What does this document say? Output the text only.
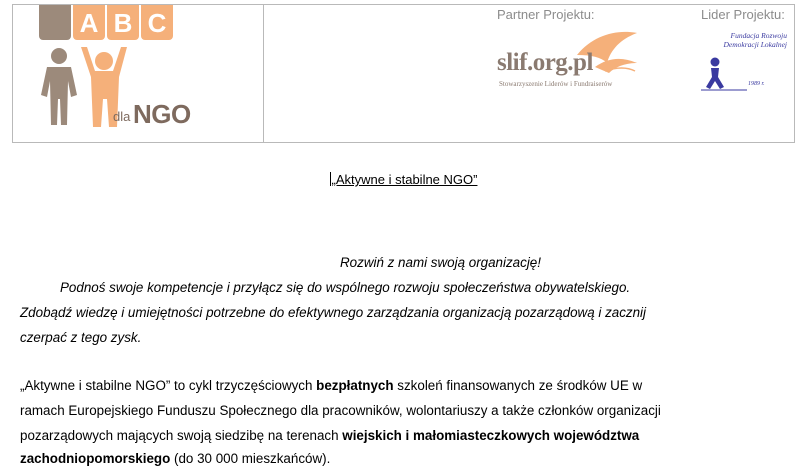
A B C
dla NGO
Partner Projektu:
slif.org.pl
Stowarzyszenie Liderów i Fundraiserów
Lider Projektu:
Fundacja Rozwoju
Demokracji Lokalnej
1989 r.
„Aktywne i stabilne NGO”
Rozwiń z nami swoją organizację!
Podnoś swoje kompetencje i przyłącz się do wspólnego rozwoju społeczeństwa obywatelskiego.
Zdobądź wiedzę i umiejętności potrzebne do efektywnego zarządzania organizacją pozarządową i zacznij
czerpać z tego zysk.
„Aktywne i stabilne NGO” to cykl trzyczęściowych bezpłatnych szkoleń finansowanych ze środków UE w
ramach Europejskiego Funduszu Społecznego dla pracowników, wolontariuszy a także członków organizacji
pozarządowych mających swoją siedzibę na terenach wiejskich i małomiasteczkowych województwa
zachodniopomorskiego (do 30 000 mieszkańców).
